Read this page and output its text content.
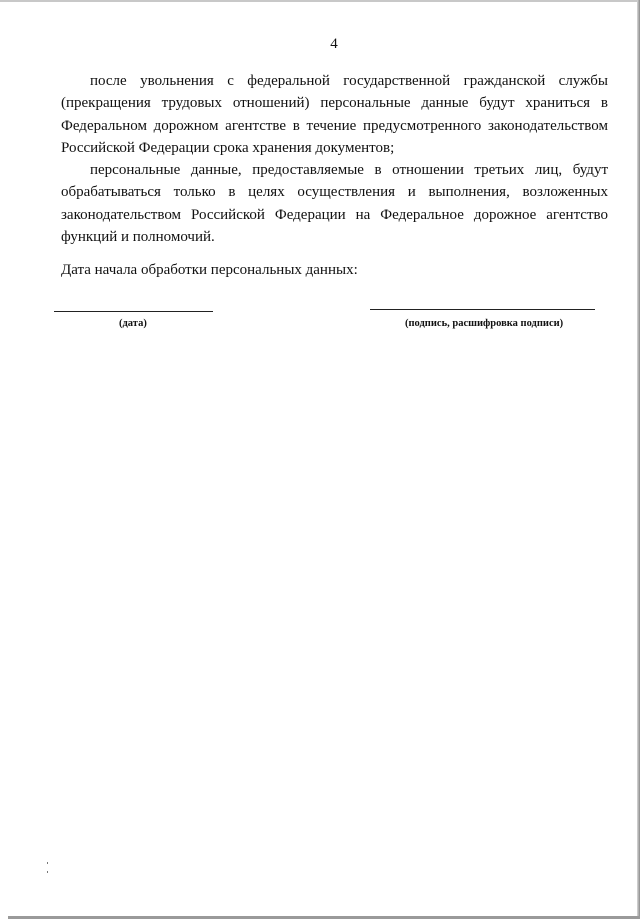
4

после увольнения с федеральной государственной гражданской службы (прекращения трудовых отношений) персональные данные будут храниться в Федеральном дорожном агентстве в течение предусмотренного законодательством Российской Федерации срока хранения документов;

персональные данные, предоставляемые в отношении третьих лиц, будут обрабатываться только в целях осуществления и выполнения, возложенных законодательством Российской Федерации на Федеральное дорожное агентство функций и полномочий.

Дата начала обработки персональных данных:
(дата)	(подпись, расшифровка подписи)
